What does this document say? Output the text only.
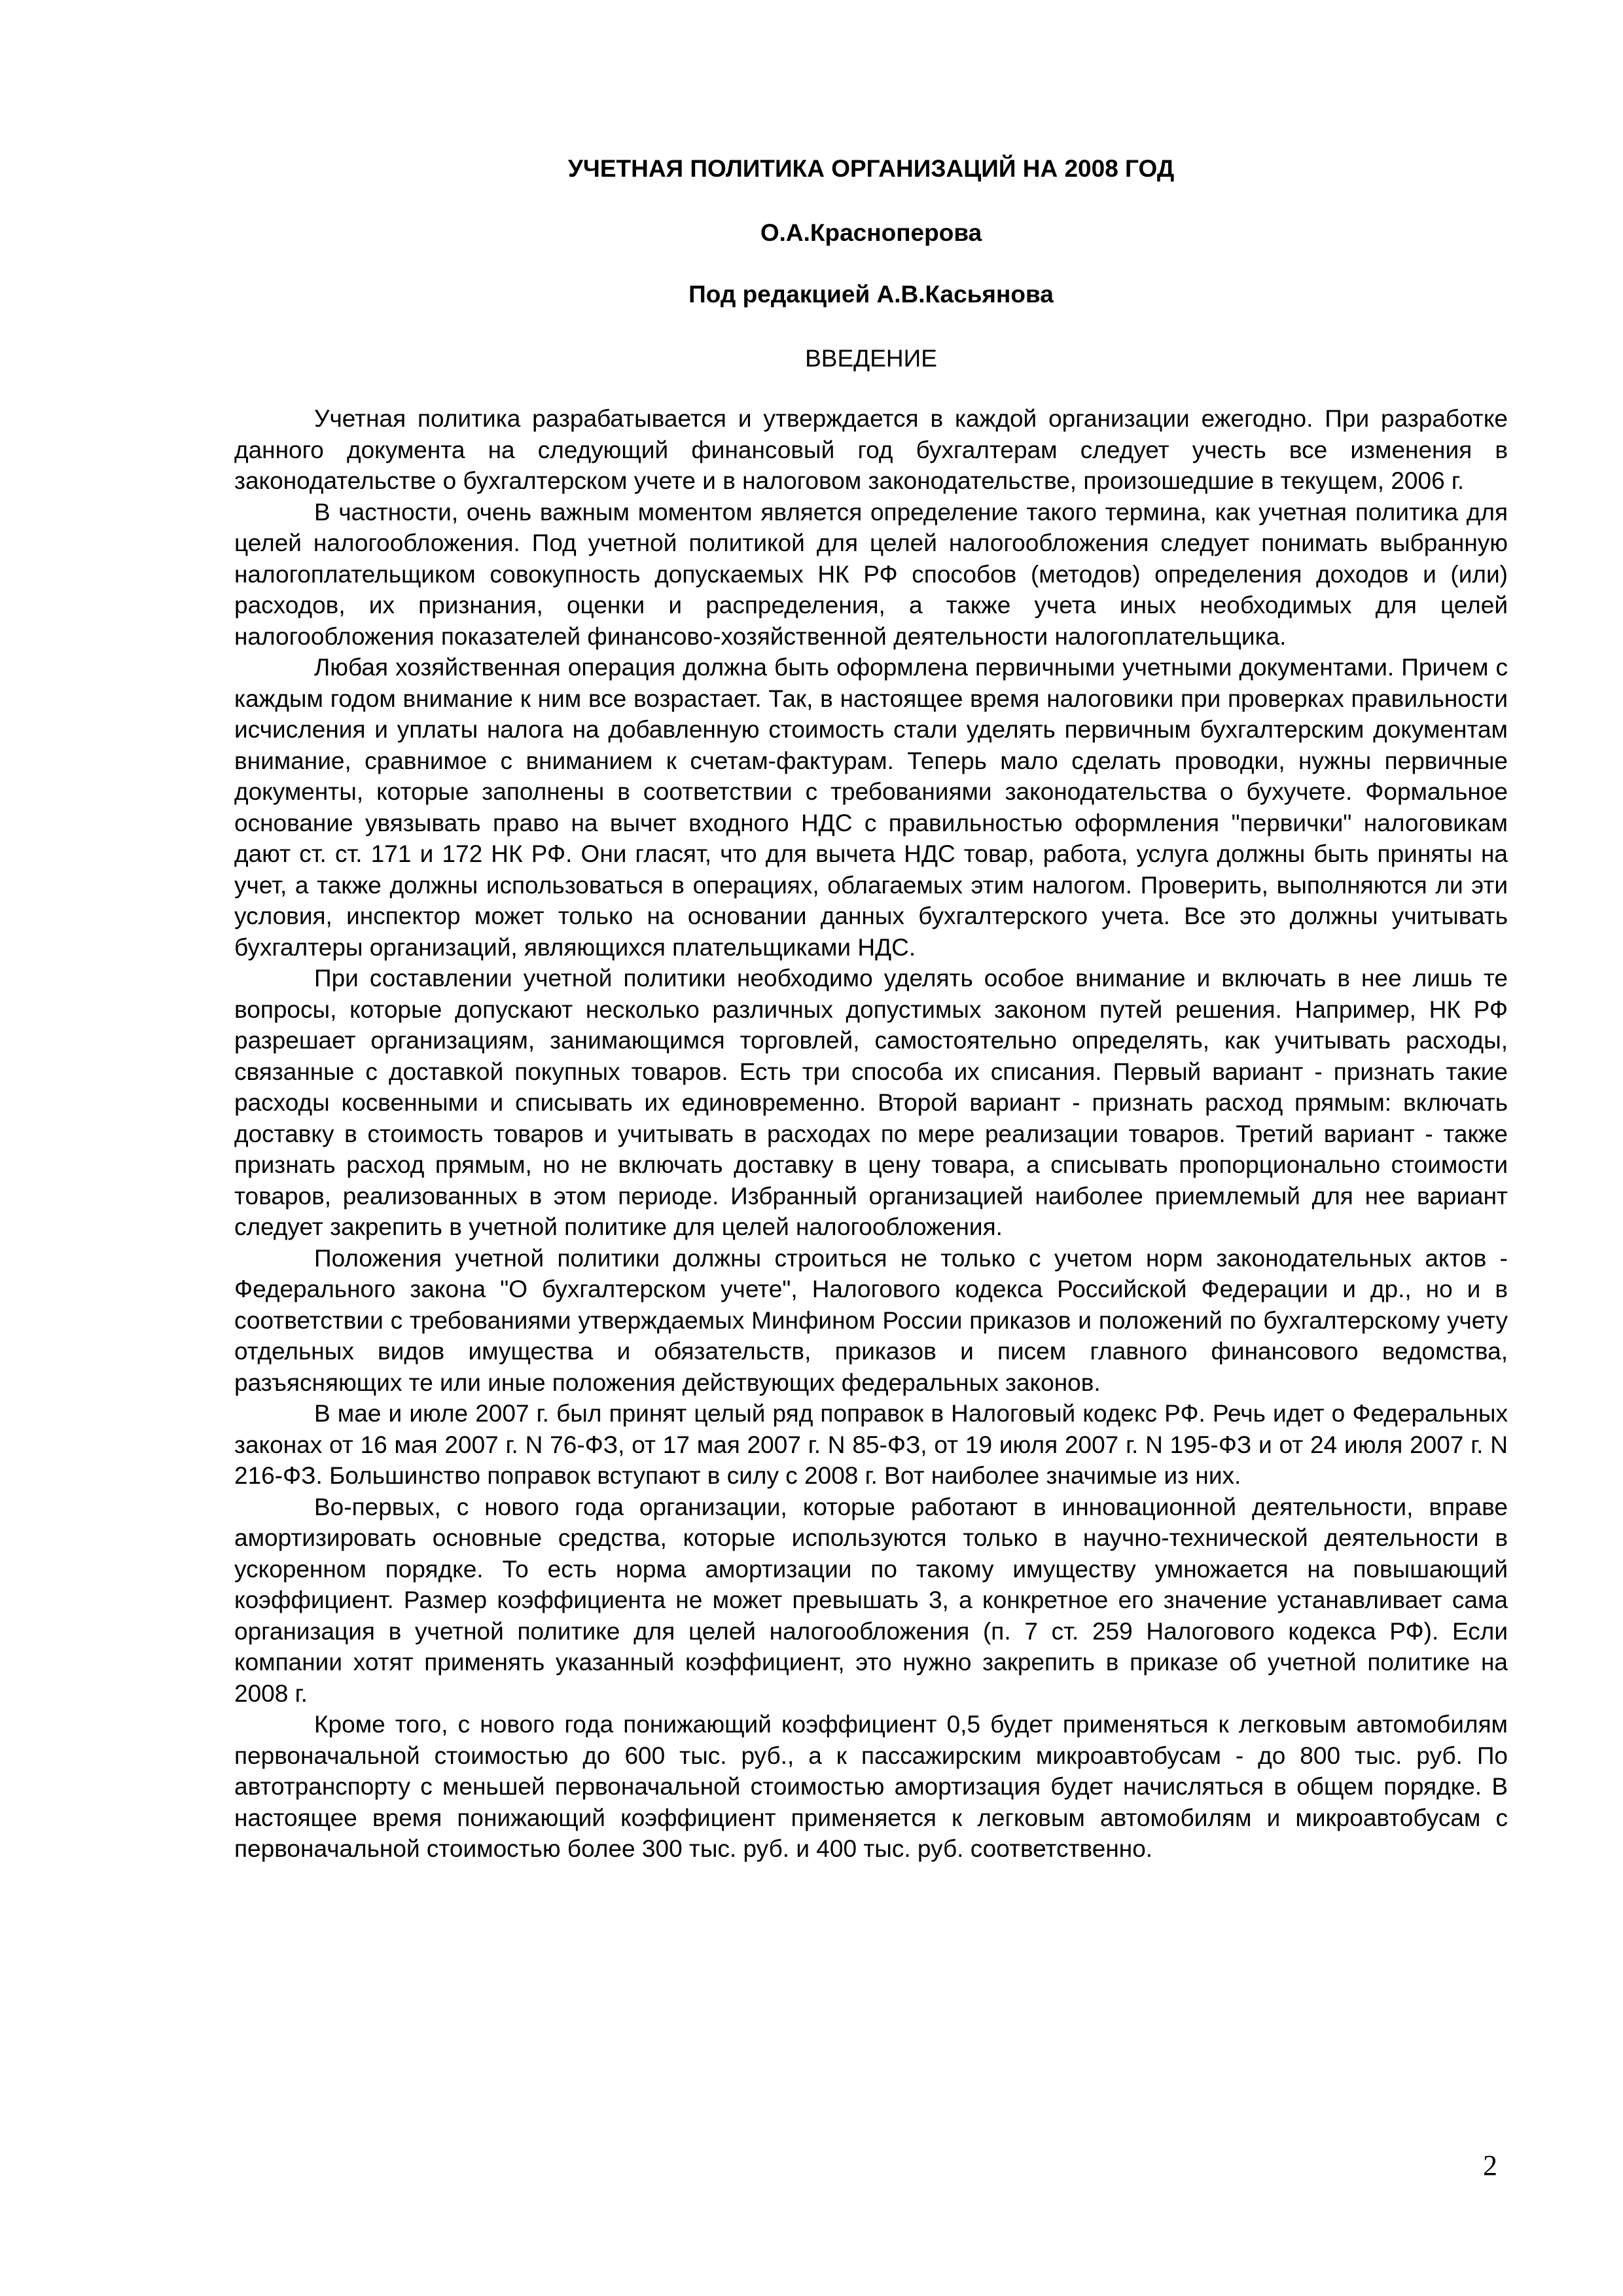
УЧЕТНАЯ ПОЛИТИКА ОРГАНИЗАЦИЙ НА 2008 ГОД
О.А.Красноперова
Под редакцией А.В.Касьянова
ВВЕДЕНИЕ

Учетная политика разрабатывается и утверждается в каждой организации ежегодно. При разработке данного документа на следующий финансовый год бухгалтерам следует учесть все изменения в законодательстве о бухгалтерском учете и в налоговом законодательстве, произошедшие в текущем, 2006 г.

В частности, очень важным моментом является определение такого термина, как учетная политика для целей налогообложения. Под учетной политикой для целей налогообложения следует понимать выбранную налогоплательщиком совокупность допускаемых НК РФ способов (методов) определения доходов и (или) расходов, их признания, оценки и распределения, а также учета иных необходимых для целей налогообложения показателей финансово-хозяйственной деятельности налогоплательщика.

Любая хозяйственная операция должна быть оформлена первичными учетными документами. Причем с каждым годом внимание к ним все возрастает. Так, в настоящее время налоговики при проверках правильности исчисления и уплаты налога на добавленную стоимость стали уделять первичным бухгалтерским документам внимание, сравнимое с вниманием к счетам-фактурам. Теперь мало сделать проводки, нужны первичные документы, которые заполнены в соответствии с требованиями законодательства о бухучете. Формальное основание увязывать право на вычет входного НДС с правильностью оформления "первички" налоговикам дают ст. ст. 171 и 172 НК РФ. Они гласят, что для вычета НДС товар, работа, услуга должны быть приняты на учет, а также должны использоваться в операциях, облагаемых этим налогом. Проверить, выполняются ли эти условия, инспектор может только на основании данных бухгалтерского учета. Все это должны учитывать бухгалтеры организаций, являющихся плательщиками НДС.

При составлении учетной политики необходимо уделять особое внимание и включать в нее лишь те вопросы, которые допускают несколько различных допустимых законом путей решения. Например, НК РФ разрешает организациям, занимающимся торговлей, самостоятельно определять, как учитывать расходы, связанные с доставкой покупных товаров. Есть три способа их списания. Первый вариант - признать такие расходы косвенными и списывать их единовременно. Второй вариант - признать расход прямым: включать доставку в стоимость товаров и учитывать в расходах по мере реализации товаров. Третий вариант - также признать расход прямым, но не включать доставку в цену товара, а списывать пропорционально стоимости товаров, реализованных в этом периоде. Избранный организацией наиболее приемлемый для нее вариант следует закрепить в учетной политике для целей налогообложения.

Положения учетной политики должны строиться не только с учетом норм законодательных актов - Федерального закона "О бухгалтерском учете", Налогового кодекса Российской Федерации и др., но и в соответствии с требованиями утверждаемых Минфином России приказов и положений по бухгалтерскому учету отдельных видов имущества и обязательств, приказов и писем главного финансового ведомства, разъясняющих те или иные положения действующих федеральных законов.

В мае и июле 2007 г. был принят целый ряд поправок в Налоговый кодекс РФ. Речь идет о Федеральных законах от 16 мая 2007 г. N 76-ФЗ, от 17 мая 2007 г. N 85-ФЗ, от 19 июля 2007 г. N 195-ФЗ и от 24 июля 2007 г. N 216-ФЗ. Большинство поправок вступают в силу с 2008 г. Вот наиболее значимые из них.

Во-первых, с нового года организации, которые работают в инновационной деятельности, вправе амортизировать основные средства, которые используются только в научно-технической деятельности в ускоренном порядке. То есть норма амортизации по такому имуществу умножается на повышающий коэффициент. Размер коэффициента не может превышать 3, а конкретное его значение устанавливает сама организация в учетной политике для целей налогообложения (п. 7 ст. 259 Налогового кодекса РФ). Если компании хотят применять указанный коэффициент, это нужно закрепить в приказе об учетной политике на 2008 г.

Кроме того, с нового года понижающий коэффициент 0,5 будет применяться к легковым автомобилям первоначальной стоимостью до 600 тыс. руб., а к пассажирским микроавтобусам - до 800 тыс. руб. По автотранспорту с меньшей первоначальной стоимостью амортизация будет начисляться в общем порядке. В настоящее время понижающий коэффициент применяется к легковым автомобилям и микроавтобусам с первоначальной стоимостью более 300 тыс. руб. и 400 тыс. руб. соответственно.

2
